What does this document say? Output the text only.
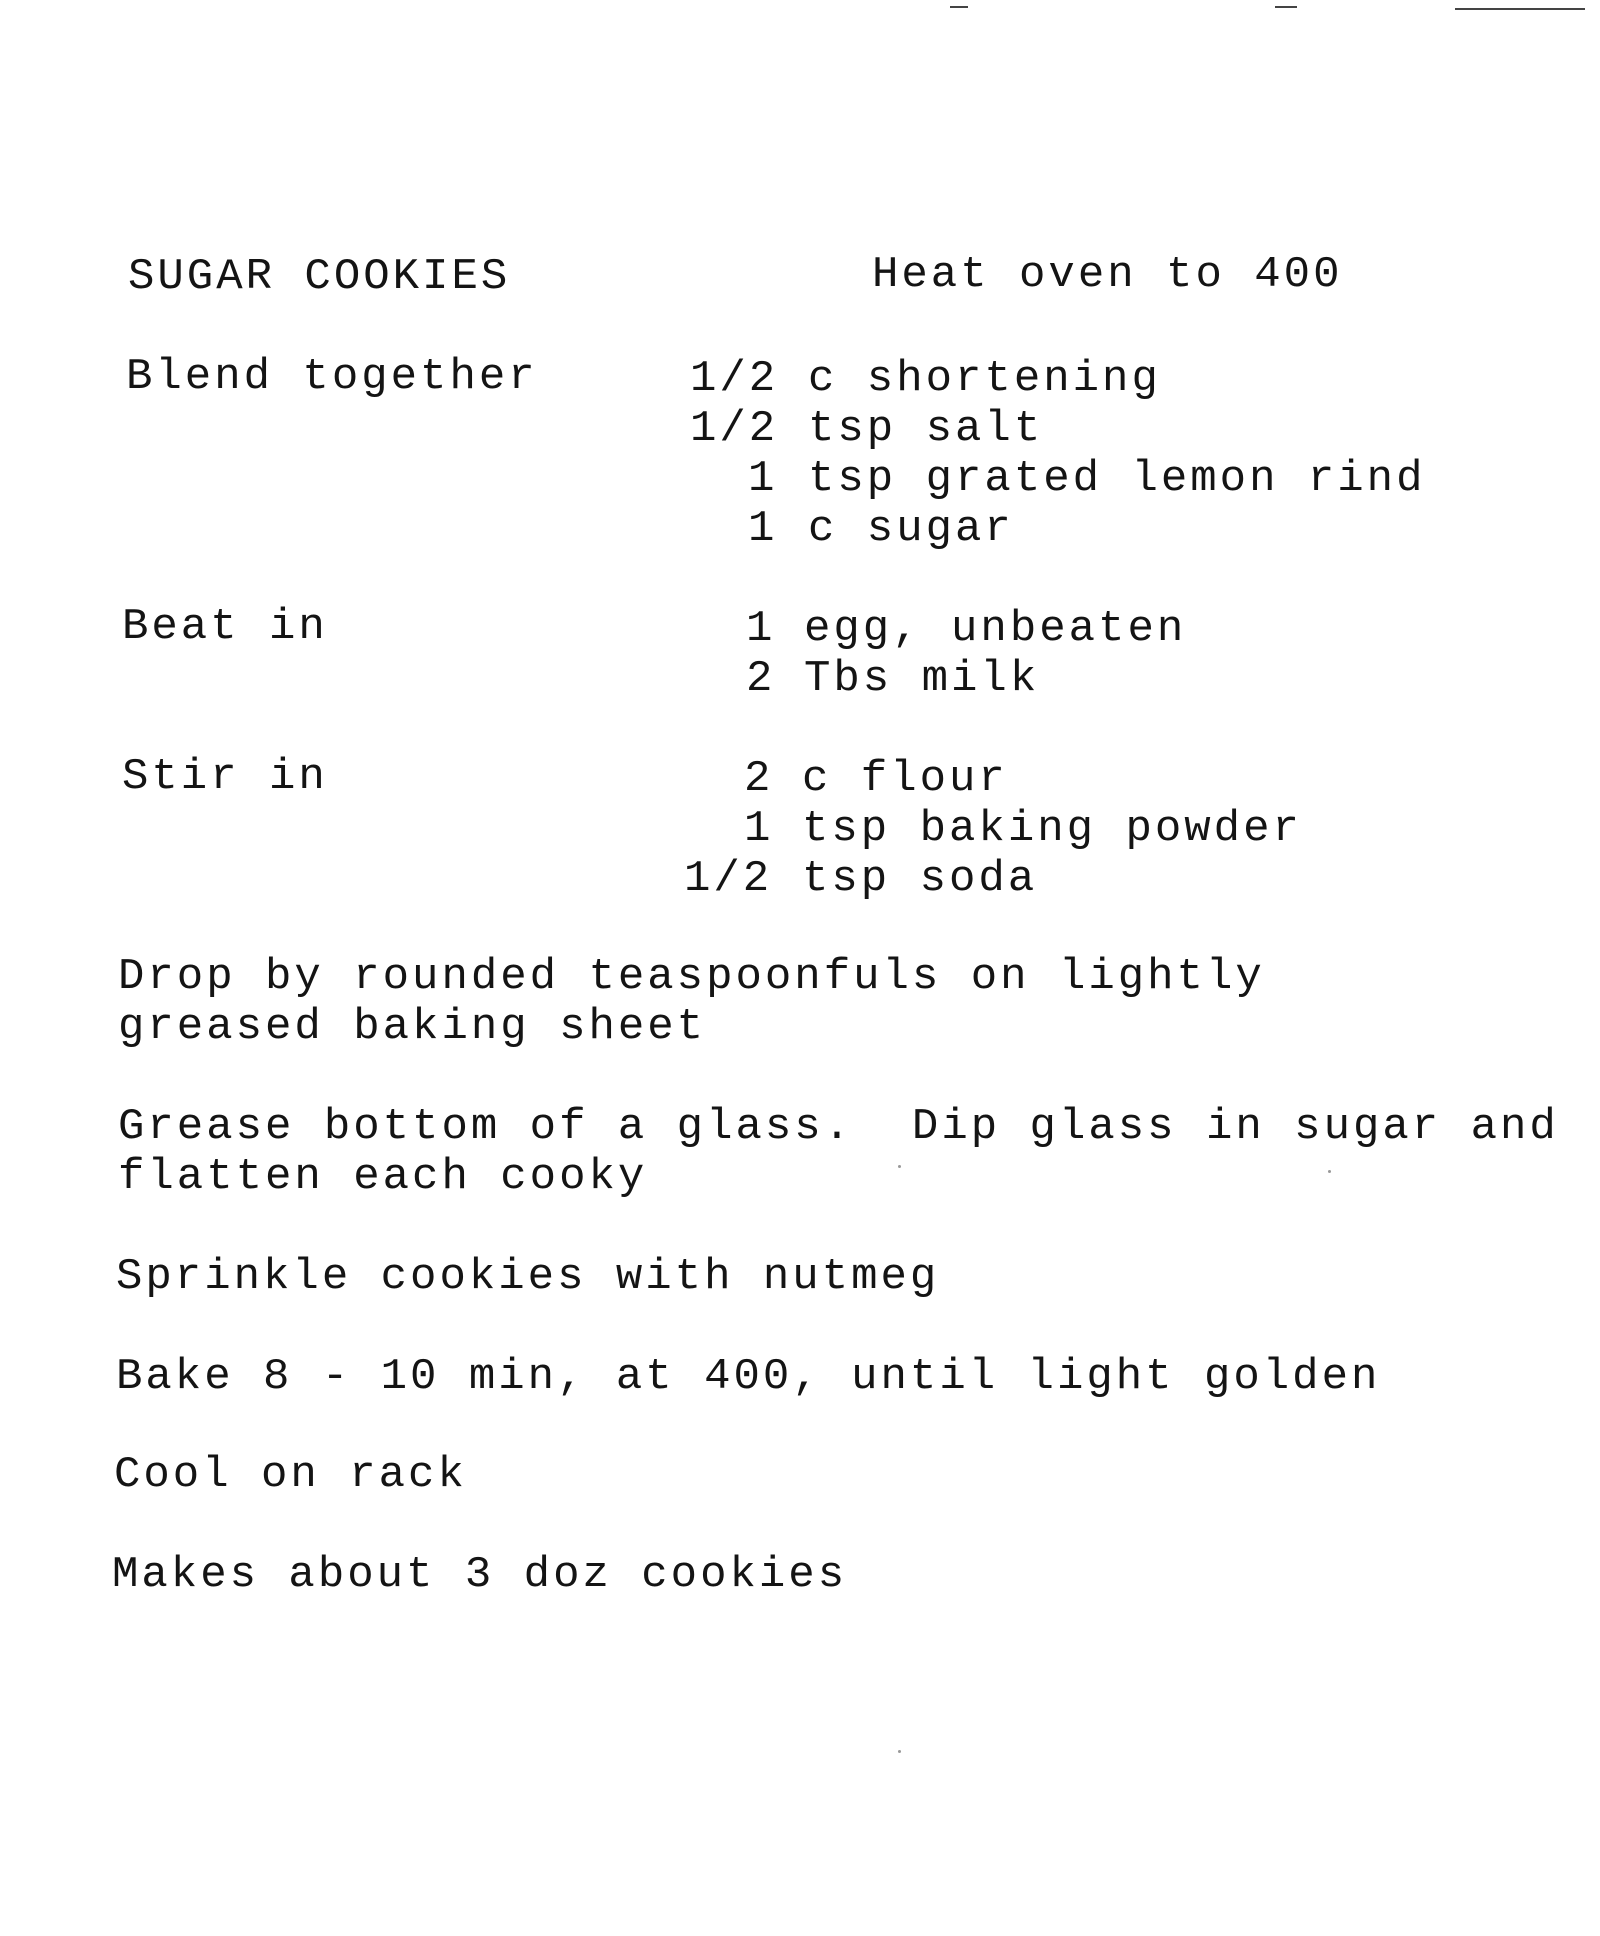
SUGAR COOKIES	Heat oven to 400
Blend together	1/2 c shortening
1/2 tsp salt
1 tsp grated lemon rind
1 c sugar
Beat in	1 egg, unbeaten
2 Tbs milk
Stir in	2 c flour
1 tsp baking powder
1/2 tsp soda
Drop by rounded teaspoonfuls on lightly
greased baking sheet
Grease bottom of a glass.  Dip glass in sugar and
flatten each cooky
Sprinkle cookies with nutmeg
Bake 8 - 10 min, at 400, until light golden
Cool on rack
Makes about 3 doz cookies
